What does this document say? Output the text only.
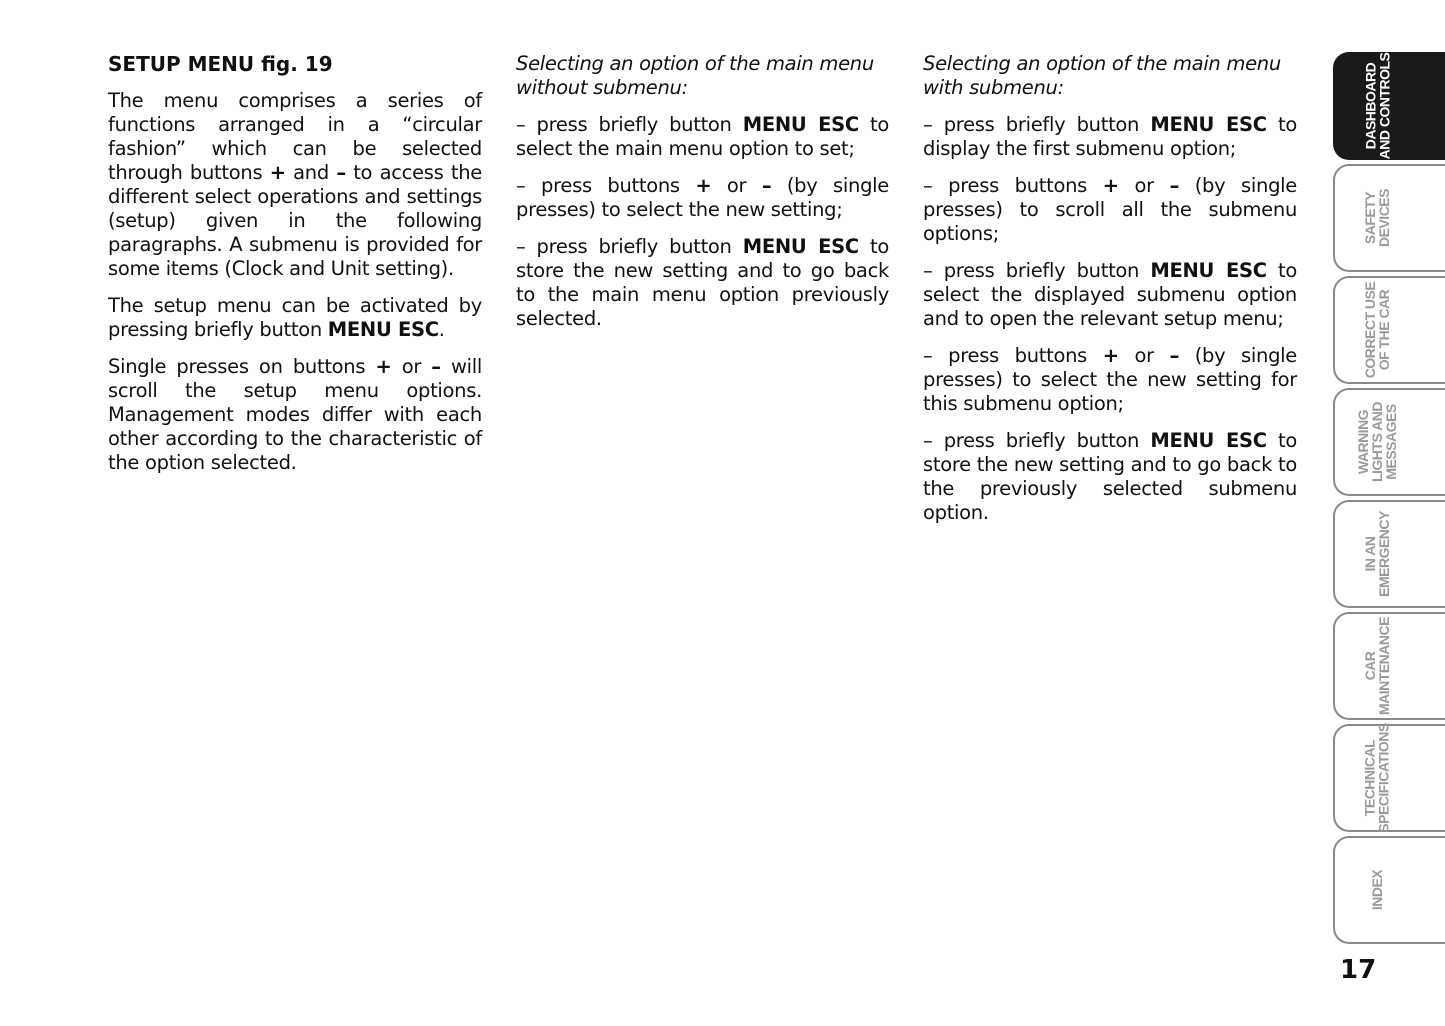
SETUP MENU fig. 19

The menu comprises a series of functions arranged in a “circular fashion” which can be selected through buttons + and – to access the different select operations and settings (setup) given in the following paragraphs. A submenu is provided for some items (Clock and Unit setting).

The setup menu can be activated by pressing briefly button MENU ESC.

Single presses on buttons + or – will scroll the setup menu options. Management modes differ with each other according to the characteristic of the option selected.

Selecting an option of the main menu without submenu:

– press briefly button MENU ESC to select the main menu option to set;

– press buttons + or – (by single presses) to select the new setting;

– press briefly button MENU ESC to store the new setting and to go back to the main menu option previously selected.

Selecting an option of the main menu with submenu:

– press briefly button MENU ESC to display the first submenu option;

– press buttons + or – (by single presses) to scroll all the submenu options;

– press briefly button MENU ESC to select the displayed submenu option and to open the relevant setup menu;

– press buttons + or – (by single presses) to select the new setting for this submenu option;

– press briefly button MENU ESC to store the new setting and to go back to the previously selected submenu option.

DASHBOARD
AND CONTROLS
SAFETY
DEVICES
CORRECT USE
OF THE CAR
WARNING
LIGHTS AND
MESSAGES
IN AN
EMERGENCY
CAR
MAINTENANCE
TECHNICAL
SPECIFICATIONS
INDEX
17
